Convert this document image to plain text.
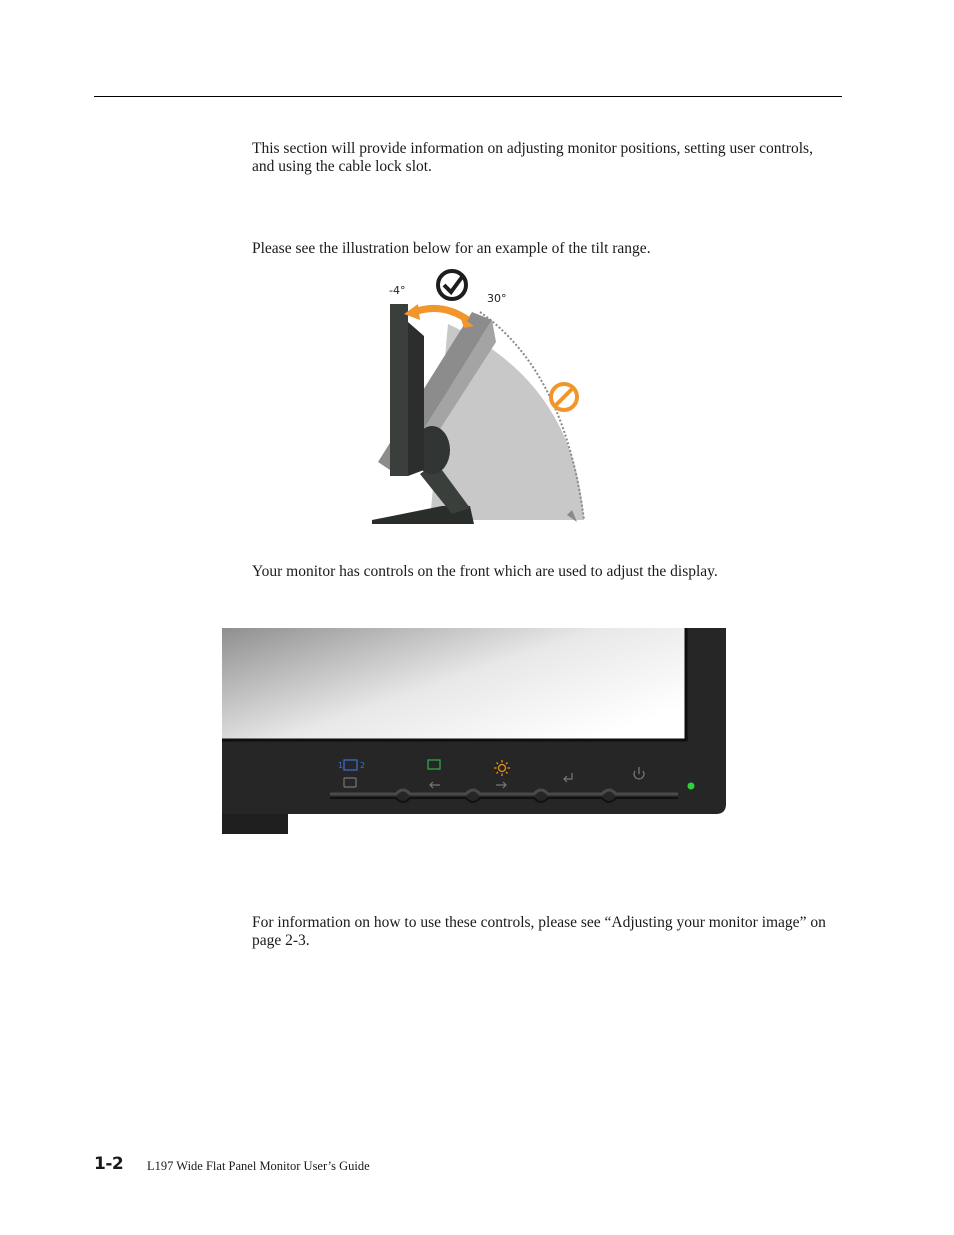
This section will provide information on adjusting monitor positions, setting user controls, and using the cable lock slot.

Please see the illustration below for an example of the tilt range.

-4°
30°

Your monitor has controls on the front which are used to adjust the display.

1 2

For information on how to use these controls, please see “Adjusting your monitor image” on page 2-3.

1-2 L197 Wide Flat Panel Monitor User’s Guide
